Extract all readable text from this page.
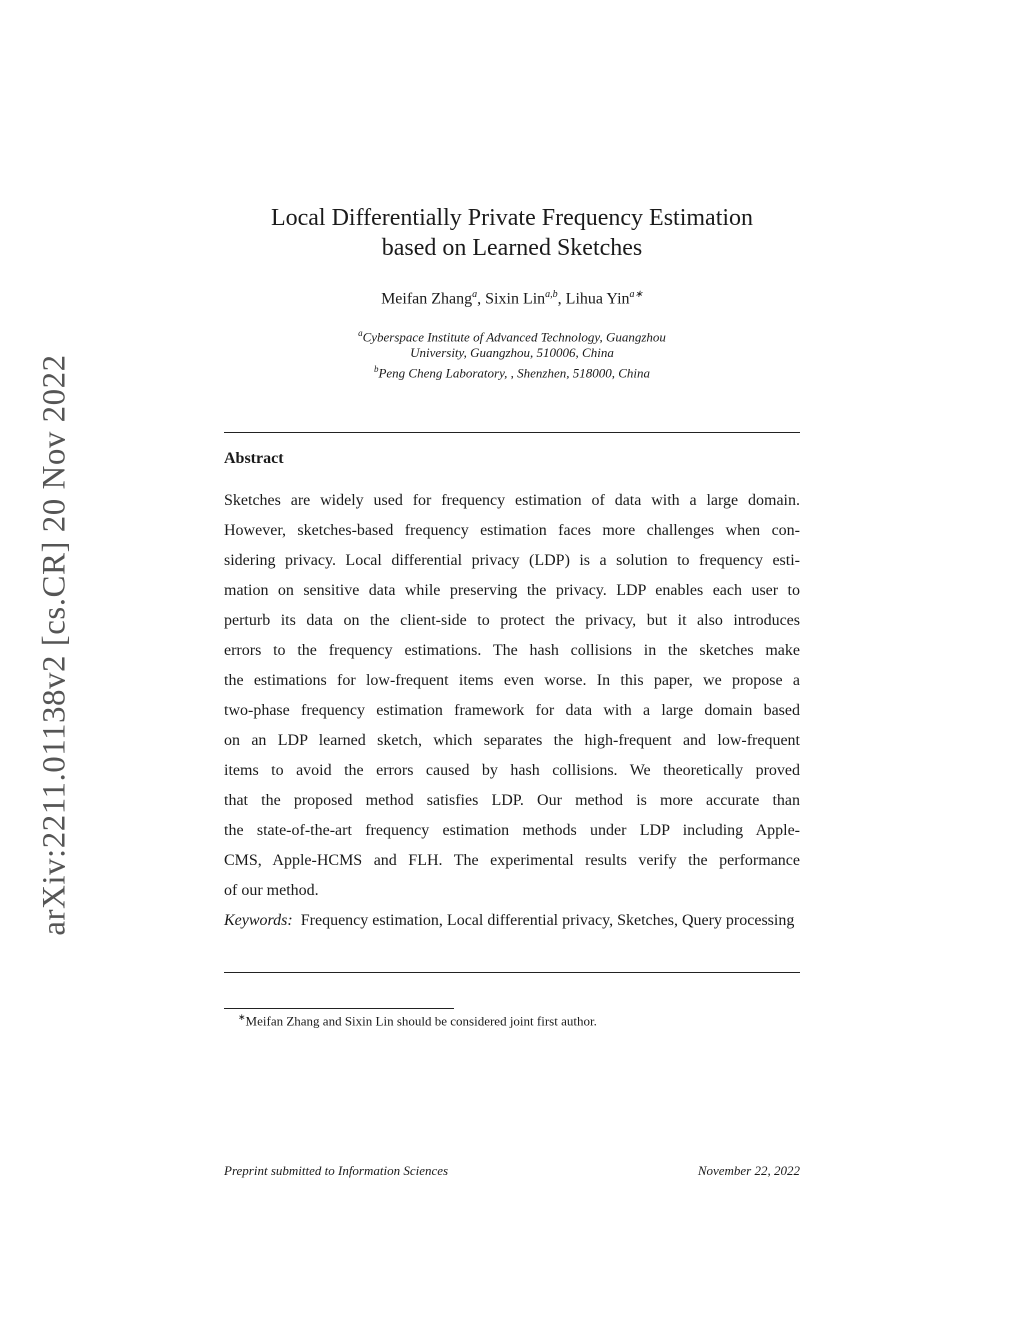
arXiv:2211.01138v2 [cs.CR] 20 Nov 2022
Local Differentially Private Frequency Estimation
based on Learned Sketches
Meifan Zhang$^a$, Sixin Lin$^{a,b}$, Lihua Yin$^{a∗}$
$^a$Cyberspace Institute of Advanced Technology, Guangzhou
University, Guangzhou, 510006, China
$^b$Peng Cheng Laboratory, , Shenzhen, 518000, China
Abstract
Sketches are widely used for frequency estimation of data with a large domain.
However, sketches-based frequency estimation faces more challenges when con-
sidering privacy. Local differential privacy (LDP) is a solution to frequency esti-
mation on sensitive data while preserving the privacy. LDP enables each user to
perturb its data on the client-side to protect the privacy, but it also introduces
errors to the frequency estimations. The hash collisions in the sketches make
the estimations for low-frequent items even worse. In this paper, we propose a
two-phase frequency estimation framework for data with a large domain based
on an LDP learned sketch, which separates the high-frequent and low-frequent
items to avoid the errors caused by hash collisions. We theoretically proved
that the proposed method satisfies LDP. Our method is more accurate than
the state-of-the-art frequency estimation methods under LDP including Apple-
CMS, Apple-HCMS and FLH. The experimental results verify the performance
of our method.
Keywords: Frequency estimation, Local differential privacy, Sketches, Query processing
∗Meifan Zhang and Sixin Lin should be considered joint first author.
Preprint submitted to Information Sciences	November 22, 2022
